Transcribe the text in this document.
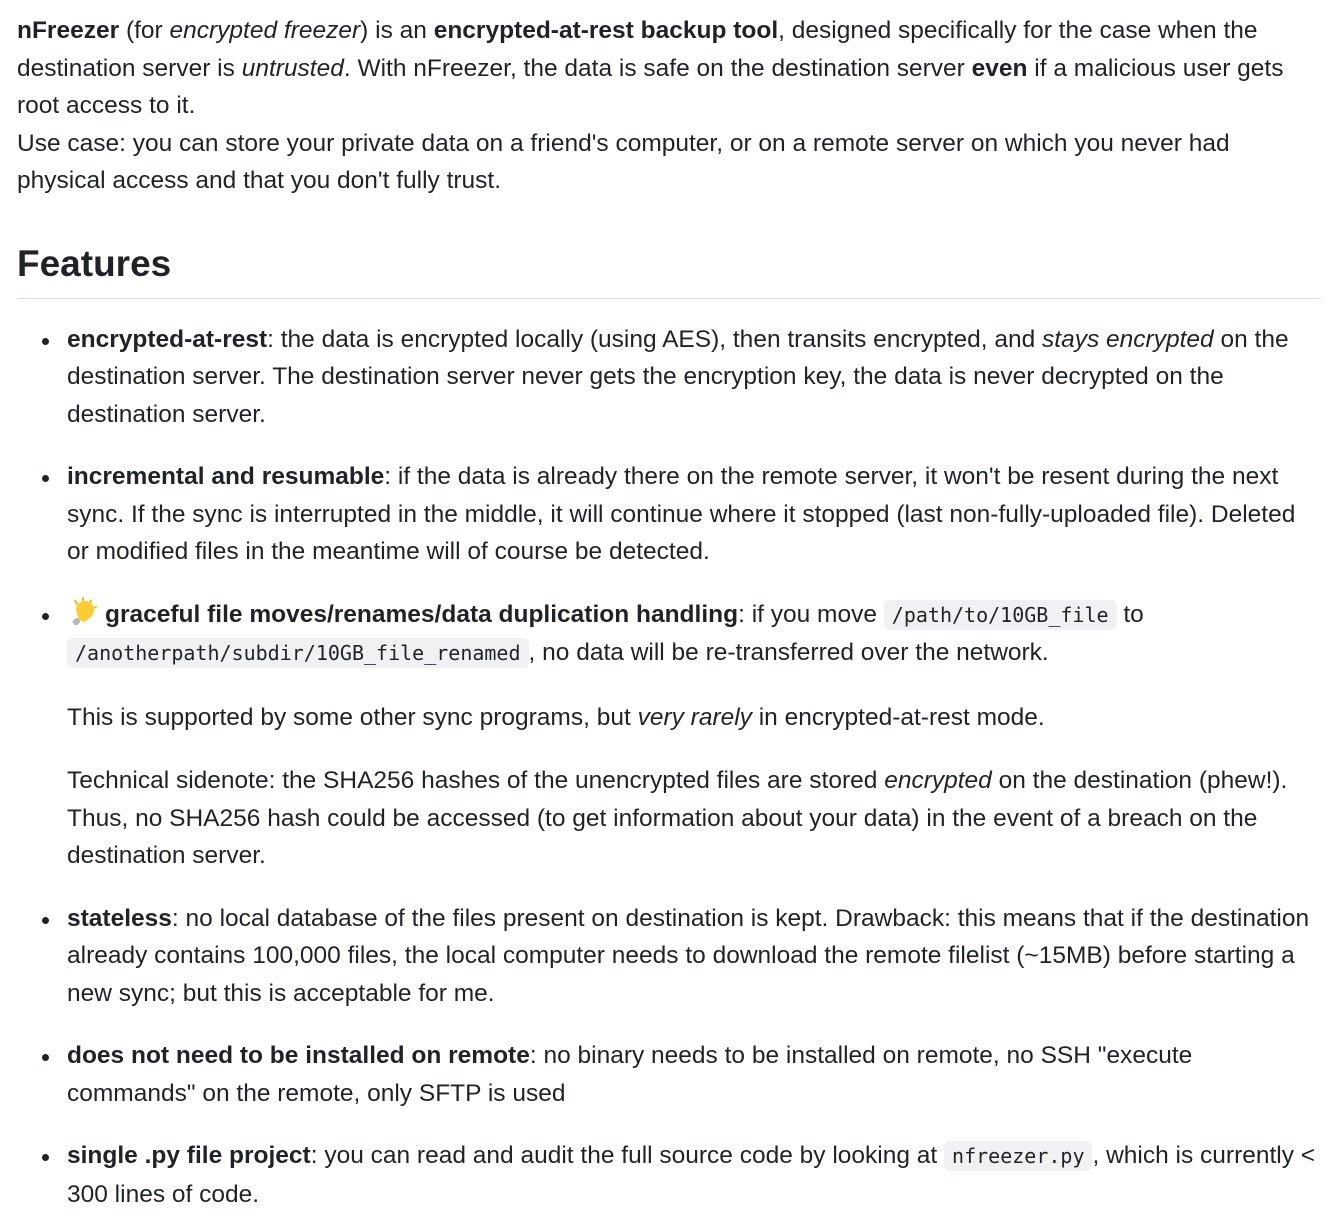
nFreezer (for encrypted freezer) is an encrypted-at-rest backup tool, designed specifically for the case when the destination server is untrusted. With nFreezer, the data is safe on the destination server even if a malicious user gets root access to it.
Use case: you can store your private data on a friend's computer, or on a remote server on which you never had physical access and that you don't fully trust.

Features

encrypted-at-rest: the data is encrypted locally (using AES), then transits encrypted, and stays encrypted on the destination server. The destination server never gets the encryption key, the data is never decrypted on the destination server.

incremental and resumable: if the data is already there on the remote server, it won't be resent during the next sync. If the sync is interrupted in the middle, it will continue where it stopped (last non-fully-uploaded file). Deleted or modified files in the meantime will of course be detected.

graceful file moves/renames/data duplication handling: if you move /path/to/10GB_file to /anotherpath/subdir/10GB_file_renamed , no data will be re-transferred over the network.

This is supported by some other sync programs, but very rarely in encrypted-at-rest mode.

Technical sidenote: the SHA256 hashes of the unencrypted files are stored encrypted on the destination (phew!). Thus, no SHA256 hash could be accessed (to get information about your data) in the event of a breach on the destination server.

stateless: no local database of the files present on destination is kept. Drawback: this means that if the destination already contains 100,000 files, the local computer needs to download the remote filelist (~15MB) before starting a new sync; but this is acceptable for me.

does not need to be installed on remote: no binary needs to be installed on remote, no SSH "execute commands" on the remote, only SFTP is used

single .py file project: you can read and audit the full source code by looking at nfreezer.py , which is currently < 300 lines of code.
